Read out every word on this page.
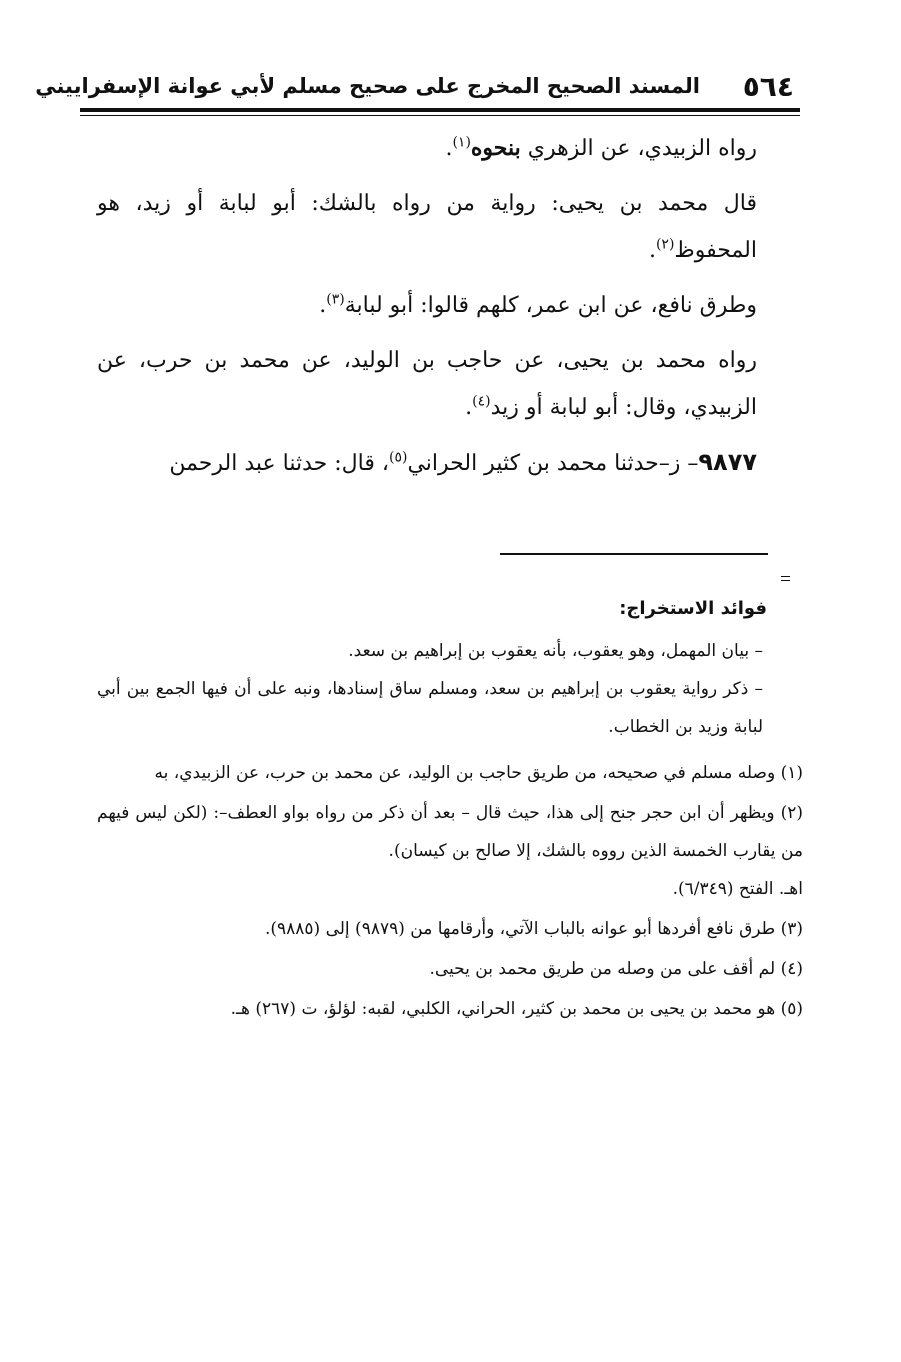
٥٦٤
المسند الصحيح المخرج على صحيح مسلم لأبي عوانة الإسفراييني

رواه الزبيدي، عن الزهري بنحوه$^{(١)}$.

قال محمد بن يحيى: رواية من رواه بالشك: أبو لبابة أو زيد، هو المحفوظ$^{(٢)}$.

وطرق نافع، عن ابن عمر، كلهم قالوا: أبو لبابة$^{(٣)}$.

رواه محمد بن يحيى، عن حاجب بن الوليد، عن محمد بن حرب، عن الزبيدي، وقال: أبو لبابة أو زيد$^{(٤)}$.

٩٨٧٧– ز–حدثنا محمد بن كثير الحراني$^{(٥)}$، قال: حدثنا عبد الرحمن

فوائد الاستخراج:

– بيان المهمل، وهو يعقوب، بأنه يعقوب بن إبراهيم بن سعد.

– ذكر رواية يعقوب بن إبراهيم بن سعد، ومسلم ساق إسنادها، ونبه على أن فيها الجمع بين أبي لبابة وزيد بن الخطاب.

(١) وصله مسلم في صحيحه، من طريق حاجب بن الوليد، عن محمد بن حرب، عن الزبيدي، به

(٢) ويظهر أن ابن حجر جنح إلى هذا، حيث قال – بعد أن ذكر من رواه بواو العطف–: (لكن ليس فيهم من يقارب الخمسة الذين رووه بالشك، إلا صالح بن كيسان).

اهـ. الفتح (٦/٣٤٩).

(٣) طرق نافع أفردها أبو عوانه بالباب الآتي، وأرقامها من (٩٨٧٩) إلى (٩٨٨٥).

(٤) لم أقف على من وصله من طريق محمد بن يحيى.

(٥) هو محمد بن يحيى بن محمد بن كثير، الحراني، الكلبي، لقبه: لؤلؤ، ت (٢٦٧) هـ.
